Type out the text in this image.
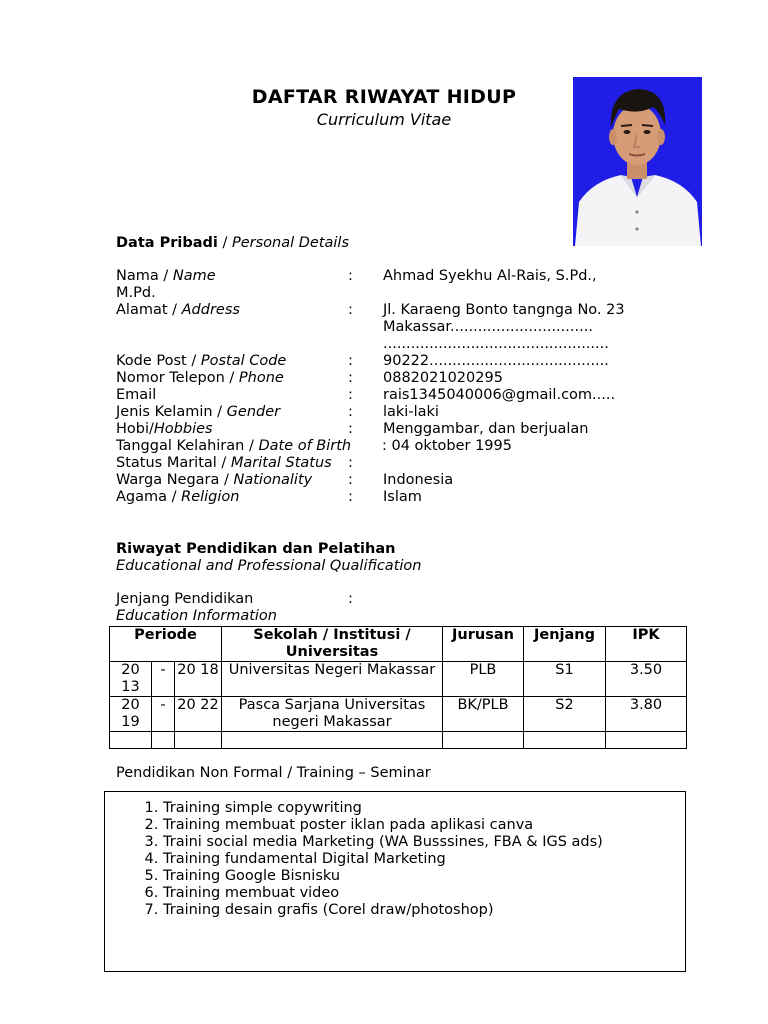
DAFTAR RIWAYAT HIDUP
Curriculum Vitae
Data Pribadi / Personal Details
Nama / Name	: Ahmad Syekhu Al-Rais, S.Pd.,
M.Pd.
Alamat / Address	: Jl. Karaeng Bonto tangnga No. 23
Makassar...............................
.................................................
Kode Post / Postal Code	: 90222.......................................
Nomor Telepon / Phone	: 0882021020295
Email	: rais1345040006@gmail.com.....
Jenis Kelamin / Gender	: laki-laki
Hobi/Hobbies	: Menggambar, dan berjualan
Tanggal Kelahiran / Date of Birth : 04 oktober 1995
Status Marital / Marital Status :
Warga Negara / Nationality : Indonesia
Agama / Religion	: Islam
Riwayat Pendidikan dan Pelatihan
Educational and Professional Qualification
Jenjang Pendidikan	:
Education Information
Periode			Sekolah / Institusi / Universitas	Jurusan	Jenjang	IPK
20 13	-	20 18	Universitas Negeri Makassar	PLB	S1	3.50
20 19	-	20 22	Pasca Sarjana Universitas negeri Makassar	BK/PLB	S2	3.80

Pendidikan Non Formal / Training – Seminar
1. Training simple copywriting
2. Training membuat poster iklan pada aplikasi canva
3. Traini social media Marketing (WA Busssines, FBA & IGS ads)
4. Training fundamental Digital Marketing
5. Training Google Bisnisku
6. Training membuat video
7. Training desain grafis (Corel draw/photoshop)
